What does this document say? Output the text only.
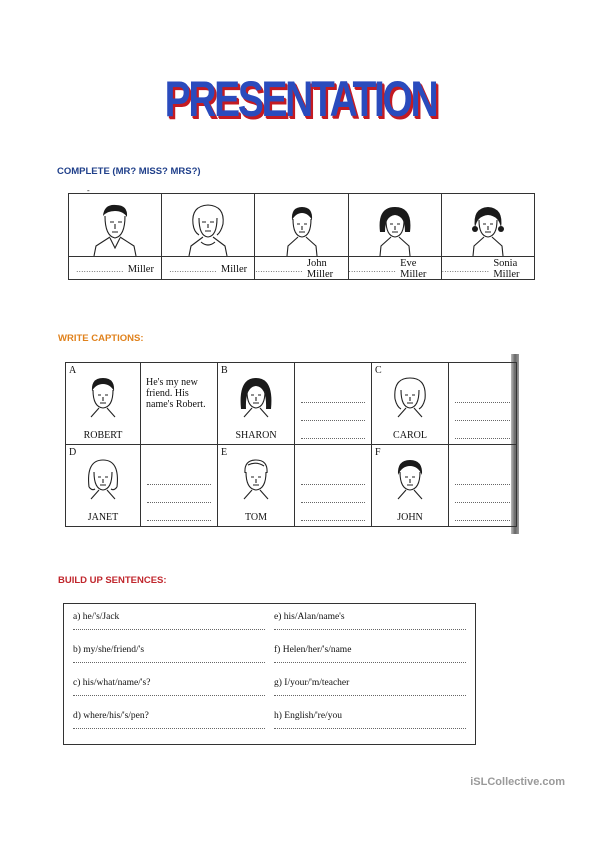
PRESENTATION
COMPLETE (MR? MISS? MRS?)
-
................... Miller ................... Miller ................... John Miller	................... Eve Miller	................... Sonia Miller
WRITE CAPTIONS:
A
ROBERT
He's my new friend. His name's Robert.
B
SHARON
C
CAROL
D
JANET
E
TOM
F
JOHN
BUILD UP SENTENCES:
a) he/'s/Jack
b) my/she/friend/'s
c) his/what/name/'s?
d) where/his/'s/pen?
e) his/Alan/name's
f) Helen/her/'s/name
g) I/your/'m/teacher
h) English/'re/you
iSLCollective.com
